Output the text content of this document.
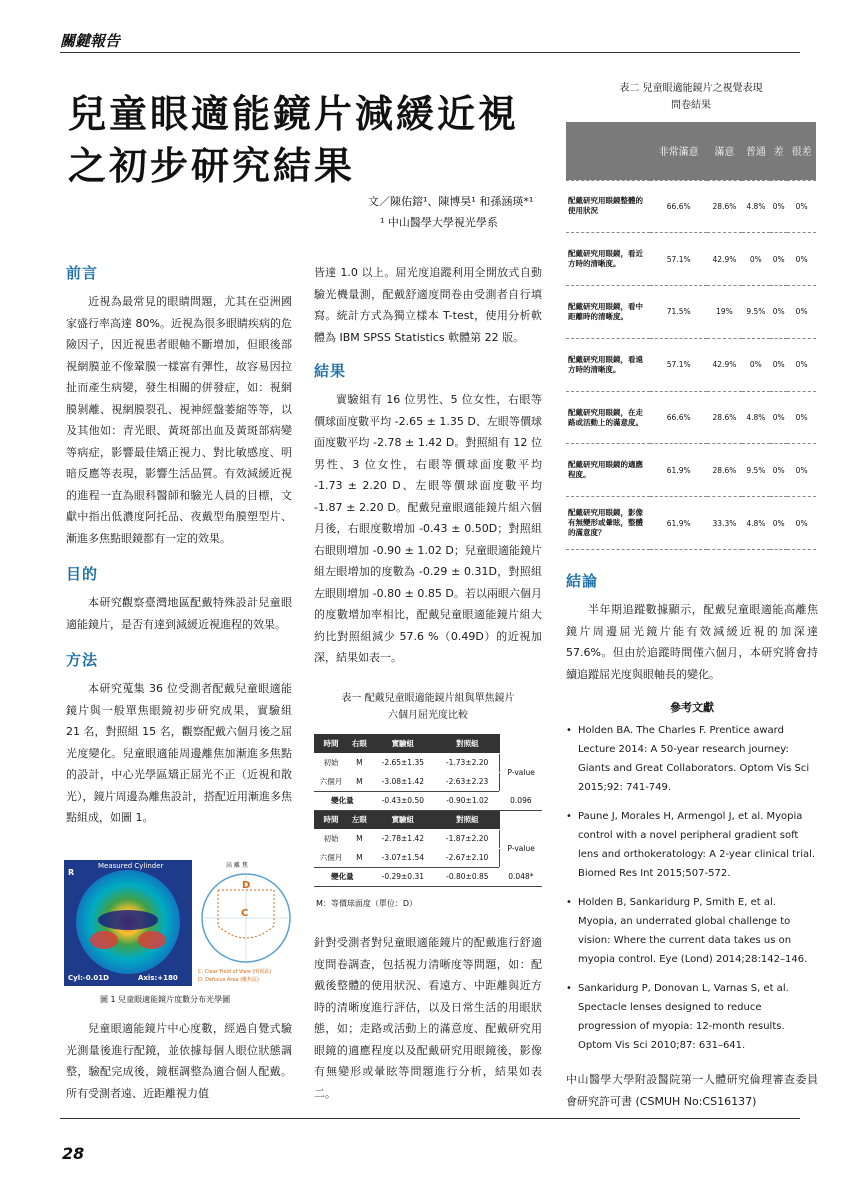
關鍵報告
兒童眼適能鏡片減緩近視
之初步研究結果
文／陳佑鎔¹、陳博昊¹ 和孫涵瑛*¹
¹ 中山醫學大學視光學系
前言
近視為最常見的眼睛問題，尤其在亞洲國家盛行率高達 80%。近視為很多眼睛疾病的危險因子，因近視患者眼軸不斷增加，但眼後部視網膜並不像鞏膜一樣富有彈性，故容易因拉扯而產生病變，發生相關的併發症，如：視網膜剝離、視網膜裂孔、視神經盤萎縮等等，以及其他如：青光眼、黃斑部出血及黃斑部病變等病症，影響最佳矯正視力、對比敏感度、明暗反應等表現，影響生活品質。有效減緩近視的進程一直為眼科醫師和驗光人員的目標，文獻中指出低濃度阿托品、夜戴型角膜塑型片、漸進多焦點眼鏡都有一定的效果。
目的
本研究觀察臺灣地區配戴特殊設計兒童眼適能鏡片，是否有達到減緩近視進程的效果。
方法
本研究蒐集 36 位受測者配戴兒童眼適能鏡片與一般單焦眼鏡初步研究成果，實驗組 21 名，對照組 15 名，觀察配戴六個月後之屈光度變化。兒童眼適能周邊離焦加漸進多焦點的設計，中心光學區矯正屈光不正（近視和散光），鏡片周邊為離焦設計，搭配近用漸進多焦點組成，如圖 1。
Measured Cylinder
R
Cyl:-0.01D	Axis:+180
高 離 焦
C
D
C: Clear Field of View (明視區)
D: Defocus Area (離焦區)
圖 1 兒童眼適能鏡片度數分布光學圖
兒童眼適能鏡片中心度數，經過自覺式驗光測量後進行配鏡，並依據每個人眼位狀態調整，驗配完成後，鏡框調整為適合個人配戴。所有受測者遠、近距離視力值
皆達 1.0 以上。屈光度追蹤利用全開放式自動驗光機量測，配戴舒適度問卷由受測者自行填寫。統計方式為獨立樣本 T-test，使用分析軟體為 IBM SPSS Statistics 軟體第 22 版。
結果
實驗組有 16 位男性、5 位女性，右眼等價球面度數平均 -2.65 ± 1.35 D、左眼等價球面度數平均 -2.78 ± 1.42 D。對照組有 12 位男性、3 位女性，右眼等價球面度數平均 -1.73 ± 2.20 D、左眼等價球面度數平均 -1.87 ± 2.20 D。配戴兒童眼適能鏡片組六個月後，右眼度數增加 -0.43 ± 0.50D；對照組右眼則增加 -0.90 ± 1.02 D；兒童眼適能鏡片組左眼增加的度數為 -0.29 ± 0.31D，對照組左眼則增加 -0.80 ± 0.85 D。若以兩眼六個月的度數增加率相比，配戴兒童眼適能鏡片組大約比對照組減少 57.6 %（0.49D）的近視加深，結果如表一。
表一 配戴兒童眼適能鏡片組與單焦鏡片
六個月屈光度比較
時間	右眼	實驗組	對照組	
初始	M	-2.65±1.35	-1.73±2.20	P-value
六個月	M	-3.08±1.42	-2.63±2.23	
變化量		-0.43±0.50	-0.90±1.02	0.096
時間	左眼	實驗組	對照組	
初始	M	-2.78±1.42	-1.87±2.20	P-value
六個月	M	-3.07±1.54	-2.67±2.10	
變化量		-0.29±0.31	-0.80±0.85	0.048*
M：等價球面度（單位：D）
針對受測者對兒童眼適能鏡片的配戴進行舒適度問卷調查，包括視力清晰度等問題，如：配戴後整體的使用狀況、看遠方、中距離與近方時的清晰度進行評估，以及日常生活的用眼狀態，如；走路或活動上的滿意度、配戴研究用眼鏡的適應程度以及配戴研究用眼鏡後，影像有無變形或暈眩等問題進行分析，結果如表二。
表二 兒童眼適能鏡片之視覺表現
問卷結果
	非常滿意	滿意	普通	差	很差
配戴研究用眼鏡整體的使用狀況	66.6%	28.6%	4.8%	0%	0%
配戴研究用眼鏡，看近方時的清晰度。	57.1%	42.9%	0%	0%	0%
配戴研究用眼鏡，看中距離時的清晰度。	71.5%	19%	9.5%	0%	0%
配戴研究用眼鏡，看遠方時的清晰度。	57.1%	42.9%	0%	0%	0%
配戴研究用眼鏡，在走路或活動上的滿意度。	66.6%	28.6%	4.8%	0%	0%
配戴研究用眼鏡的適應程度。	61.9%	28.6%	9.5%	0%	0%
配戴研究用眼鏡，影像有無變形或暈眩，整體的滿意度？	61.9%	33.3%	4.8%	0%	0%
結論
半年期追蹤數據顯示，配戴兒童眼適能高離焦鏡片周邊屈光鏡片能有效減緩近視的加深達 57.6%。但由於追蹤時間僅六個月，本研究將會持續追蹤屈光度與眼軸長的變化。
參考文獻
• Holden BA. The Charles F. Prentice award Lecture 2014: A 50-year research journey: Giants and Great Collaborators. Optom Vis Sci 2015;92: 741-749.
• Paune J, Morales H, Armengol J, et al. Myopia control with a novel peripheral gradient soft lens and orthokeratology: A 2-year clinical trial. Biomed Res Int 2015;507-572.
• Holden B, Sankaridurg P, Smith E, et al. Myopia, an underrated global challenge to vision: Where the current data takes us on myopia control. Eye (Lond) 2014;28:142–146.
• Sankaridurg P, Donovan L, Varnas S, et al. Spectacle lenses designed to reduce progression of myopia: 12-month results. Optom Vis Sci 2010;87: 631–641.
中山醫學大學附設醫院第一人體研究倫理審查委員會研究許可書 (CSMUH No:CS16137)
28
